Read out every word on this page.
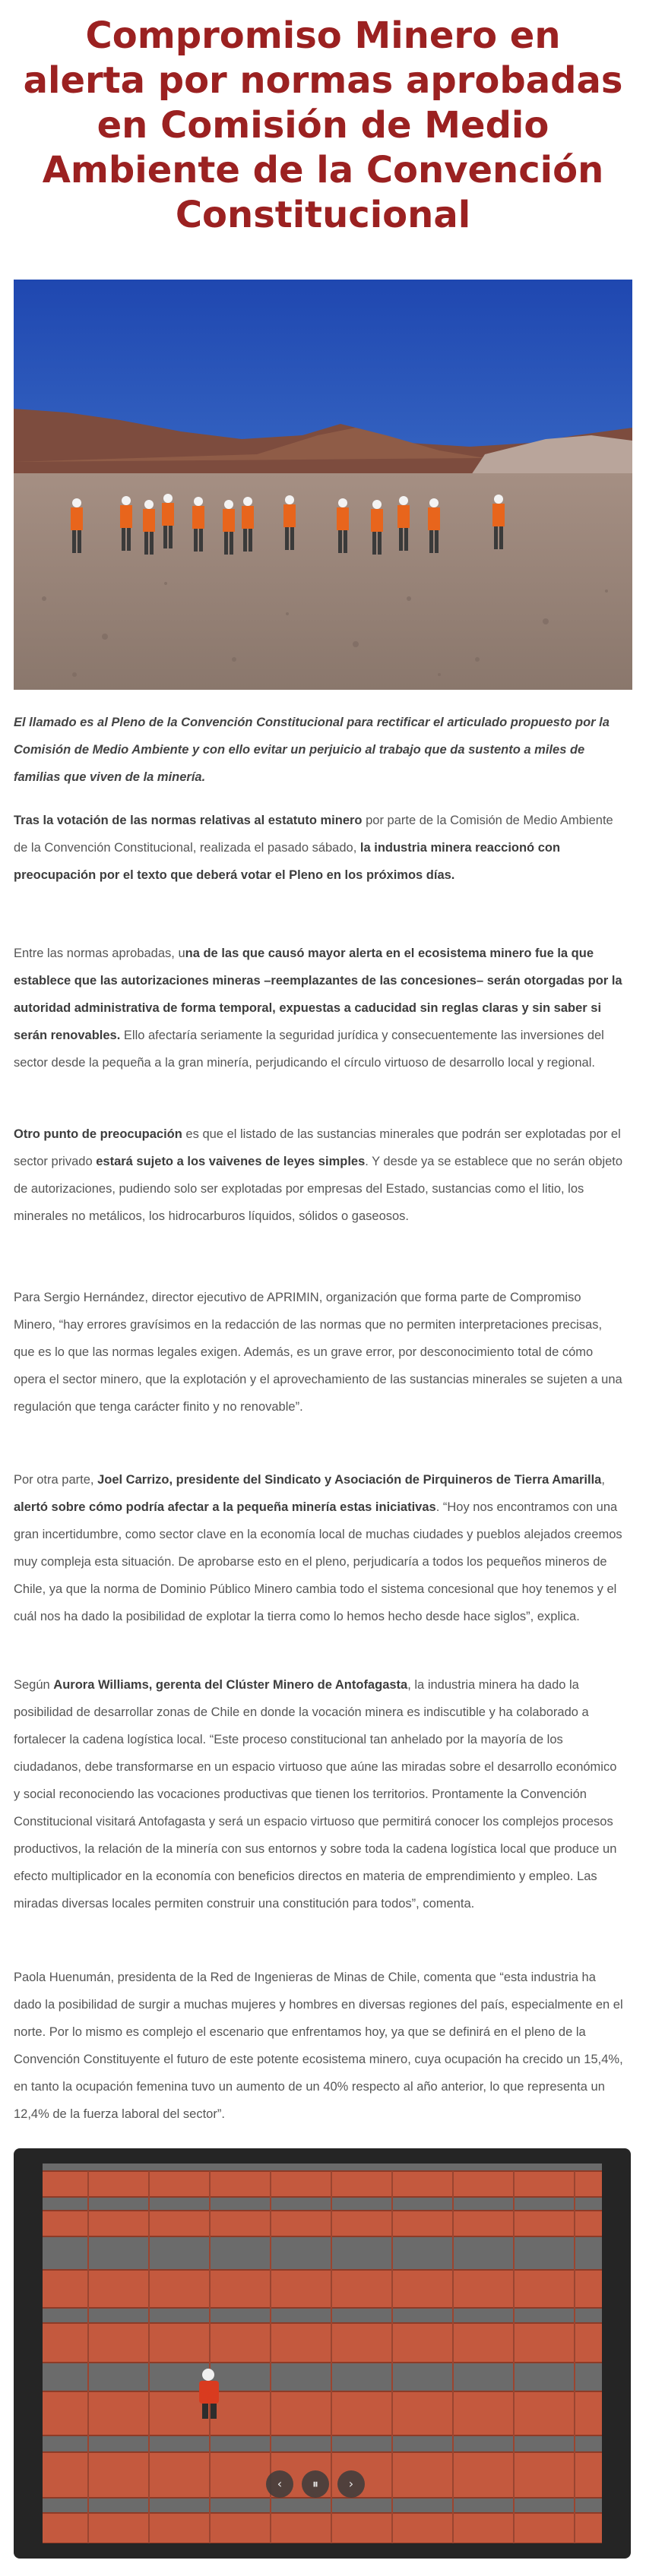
Compromiso Minero en alerta por normas aprobadas en Comisión de Medio Ambiente de la Convención Constitucional

El llamado es al Pleno de la Convención Constitucional para rectificar el articulado propuesto por la Comisión de Medio Ambiente y con ello evitar un perjuicio al trabajo que da sustento a miles de familias que viven de la minería.

Tras la votación de las normas relativas al estatuto minero por parte de la Comisión de Medio Ambiente de la Convención Constitucional, realizada el pasado sábado, la industria minera reaccionó con preocupación por el texto que deberá votar el Pleno en los próximos días.

Entre las normas aprobadas, una de las que causó mayor alerta en el ecosistema minero fue la que establece que las autorizaciones mineras –reemplazantes de las concesiones– serán otorgadas por la autoridad administrativa de forma temporal, expuestas a caducidad sin reglas claras y sin saber si serán renovables. Ello afectaría seriamente la seguridad jurídica y consecuentemente las inversiones del sector desde la pequeña a la gran minería, perjudicando el círculo virtuoso de desarrollo local y regional.

Otro punto de preocupación es que el listado de las sustancias minerales que podrán ser explotadas por el sector privado estará sujeto a los vaivenes de leyes simples. Y desde ya se establece que no serán objeto de autorizaciones, pudiendo solo ser explotadas por empresas del Estado, sustancias como el litio, los minerales no metálicos, los hidrocarburos líquidos, sólidos o gaseosos.

Para Sergio Hernández, director ejecutivo de APRIMIN, organización que forma parte de Compromiso Minero, “hay errores gravísimos en la redacción de las normas que no permiten interpretaciones precisas, que es lo que las normas legales exigen. Además, es un grave error, por desconocimiento total de cómo opera el sector minero, que la explotación y el aprovechamiento de las sustancias minerales se sujeten a una regulación que tenga carácter finito y no renovable”.

Por otra parte, Joel Carrizo, presidente del Sindicato y Asociación de Pirquineros de Tierra Amarilla, alertó sobre cómo podría afectar a la pequeña minería estas iniciativas. “Hoy nos encontramos con una gran incertidumbre, como sector clave en la economía local de muchas ciudades y pueblos alejados creemos muy compleja esta situación. De aprobarse esto en el pleno, perjudicaría a todos los pequeños mineros de Chile, ya que la norma de Dominio Público Minero cambia todo el sistema concesional que hoy tenemos y el cuál nos ha dado la posibilidad de explotar la tierra como lo hemos hecho desde hace siglos”, explica.

Según Aurora Williams, gerenta del Clúster Minero de Antofagasta, la industria minera ha dado la posibilidad de desarrollar zonas de Chile en donde la vocación minera es indiscutible y ha colaborado a fortalecer la cadena logística local. “Este proceso constitucional tan anhelado por la mayoría de los ciudadanos, debe transformarse en un espacio virtuoso que aúne las miradas sobre el desarrollo económico y social reconociendo las vocaciones productivas que tienen los territorios. Prontamente la Convención Constitucional visitará Antofagasta y será un espacio virtuoso que permitirá conocer los complejos procesos productivos, la relación de la minería con sus entornos y sobre toda la cadena logística local que produce un efecto multiplicador en la economía con beneficios directos en materia de emprendimiento y empleo. Las miradas diversas locales permiten construir una constitución para todos”, comenta.

Paola Huenumán, presidenta de la Red de Ingenieras de Minas de Chile, comenta que “esta industria ha dado la posibilidad de surgir a muchas mujeres y hombres en diversas regiones del país, especialmente en el norte. Por lo mismo es complejo el escenario que enfrentamos hoy, ya que se definirá en el pleno de la Convención Constituyente el futuro de este potente ecosistema minero, cuya ocupación ha crecido un 15,4%, en tanto la ocupación femenina tuvo un aumento de un 40% respecto al año anterior, lo que representa un 12,4% de la fuerza laboral del sector”.

‹	⏸	›
